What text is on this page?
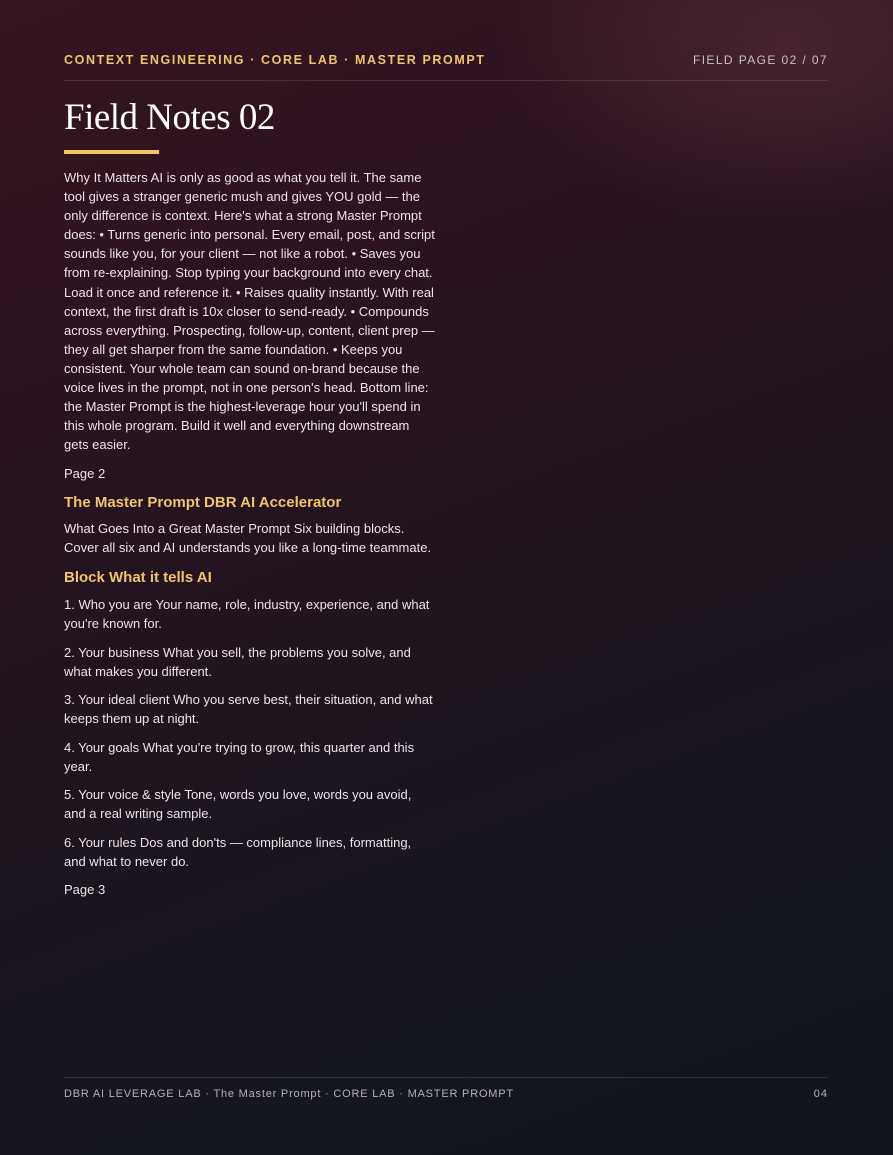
CONTEXT ENGINEERING · CORE LAB · MASTER PROMPT	FIELD PAGE 02 / 07
Field Notes 02

Why It Matters AI is only as good as what you tell it. The same tool gives a stranger generic mush and gives YOU gold — the only difference is context. Here's what a strong Master Prompt does: • Turns generic into personal. Every email, post, and script sounds like you, for your client — not like a robot. • Saves you from re-explaining. Stop typing your background into every chat. Load it once and reference it. • Raises quality instantly. With real context, the first draft is 10x closer to send-ready. • Compounds across everything. Prospecting, follow-up, content, client prep — they all get sharper from the same foundation. • Keeps you consistent. Your whole team can sound on-brand because the voice lives in the prompt, not in one person's head. Bottom line: the Master Prompt is the highest-leverage hour you'll spend in this whole program. Build it well and everything downstream gets easier.

Page 2

The Master Prompt DBR AI Accelerator

What Goes Into a Great Master Prompt Six building blocks. Cover all six and AI understands you like a long-time teammate.

Block What it tells AI
1. Who you are Your name, role, industry, experience, and what you're known for.
2. Your business What you sell, the problems you solve, and what makes you different.
3. Your ideal client Who you serve best, their situation, and what keeps them up at night.
4. Your goals What you're trying to grow, this quarter and this year.
5. Your voice & style Tone, words you love, words you avoid, and a real writing sample.
6. Your rules Dos and don'ts — compliance lines, formatting, and what to never do.

Page 3

DBR AI LEVERAGE LAB · The Master Prompt · CORE LAB · MASTER PROMPT	04
